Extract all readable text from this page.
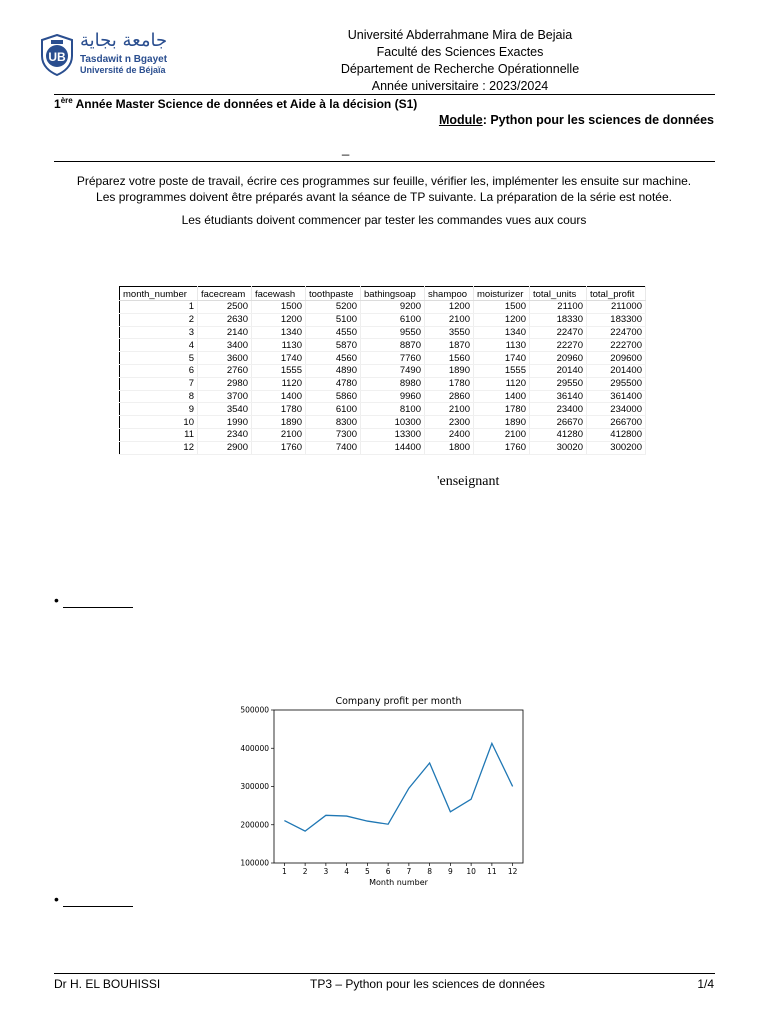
UB
جامعة بجاية
Tasdawit n Bgayet
Université de Béjaïa
Université Abderrahmane Mira de Bejaia
Faculté des Sciences Exactes
Département de Recherche Opérationnelle
Année universitaire : 2023/2024
1ère Année Master Science de données et Aide à la décision (S1)
Module: Python pour les sciences de données
_
Préparez votre poste de travail, écrire ces programmes sur feuille, vérifier les, implémenter les ensuite sur machine.
Les programmes doivent être préparés avant la séance de TP suivante. La préparation de la série est notée.
Les étudiants doivent commencer par tester les commandes vues aux cours
month_number	facecream	facewash	toothpaste	bathingsoap	shampoo	moisturizer	total_units	total_profit
1	2500	1500	5200	9200	1200	1500	21100	211000
2	2630	1200	5100	6100	2100	1200	18330	183300
3	2140	1340	4550	9550	3550	1340	22470	224700
4	3400	1130	5870	8870	1870	1130	22270	222700
5	3600	1740	4560	7760	1560	1740	20960	209600
6	2760	1555	4890	7490	1890	1555	20140	201400
7	2980	1120	4780	8980	1780	1120	29550	295500
8	3700	1400	5860	9960	2860	1400	36140	361400
9	3540	1780	6100	8100	2100	1780	23400	234000
10	1990	1890	8300	10300	2300	1890	26670	266700
11	2340	2100	7300	13300	2400	2100	41280	412800
12	2900	1760	7400	14400	1800	1760	30020	300200
'enseignant
•
Company profit per month
Month number
1 2 3 4 5 6 7 8 9 10 11 12
100000
200000
300000
400000
500000
•
Dr H. EL BOUHISSI	TP3 – Python pour les sciences de données	1/4
